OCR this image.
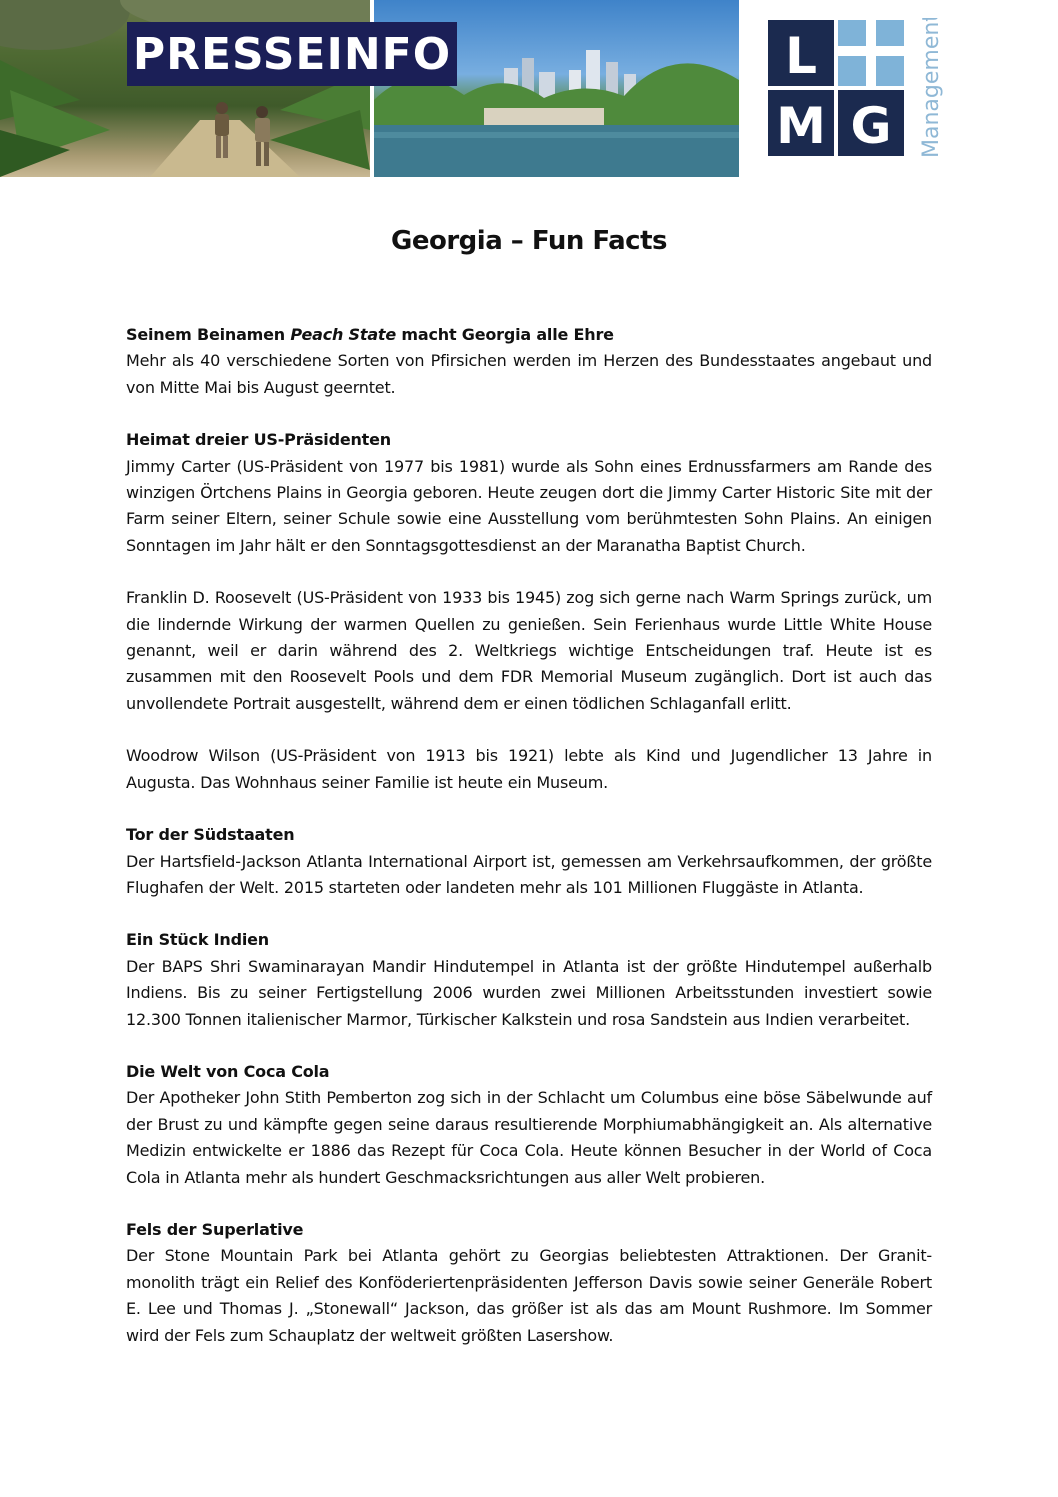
PRESSEINFO	L
M G Management
Georgia – Fun Facts
Seinem Beinamen Peach State macht Georgia alle Ehre
Mehr als 40 verschiedene Sorten von Pfirsichen werden im Herzen des Bundesstaates angebaut und von Mitte Mai bis August geerntet.
Heimat dreier US-Präsidenten
Jimmy Carter (US-Präsident von 1977 bis 1981) wurde als Sohn eines Erdnussfarmers am Rande des winzigen Örtchens Plains in Georgia geboren. Heute zeugen dort die Jimmy Carter Historic Site mit der Farm seiner Eltern, seiner Schule sowie eine Ausstellung vom berühmtesten Sohn Plains. An einigen Sonntagen im Jahr hält er den Sonntagsgottesdienst an der Maranatha Baptist Church.
Franklin D. Roosevelt (US-Präsident von 1933 bis 1945) zog sich gerne nach Warm Springs zurück, um die lindernde Wirkung der warmen Quellen zu genießen. Sein Ferienhaus wurde Little White House genannt, weil er darin während des 2. Weltkriegs wichtige Entscheidungen traf. Heute ist es zusammen mit den Roosevelt Pools und dem FDR Memorial Museum zugänglich. Dort ist auch das unvollendete Portrait ausgestellt, während dem er einen tödlichen Schlaganfall erlitt.
Woodrow Wilson (US-Präsident von 1913 bis 1921) lebte als Kind und Jugendlicher 13 Jahre in Augusta. Das Wohnhaus seiner Familie ist heute ein Museum.
Tor der Südstaaten
Der Hartsfield-Jackson Atlanta International Airport ist, gemessen am Verkehrsaufkommen, der größte Flughafen der Welt. 2015 starteten oder landeten mehr als 101 Millionen Fluggäste in Atlanta.
Ein Stück Indien
Der BAPS Shri Swaminarayan Mandir Hindutempel in Atlanta ist der größte Hindutempel außerhalb Indiens. Bis zu seiner Fertigstellung 2006 wurden zwei Millionen Arbeitsstunden investiert sowie 12.300 Tonnen italienischer Marmor, Türkischer Kalkstein und rosa Sandstein aus Indien verarbeitet.
Die Welt von Coca Cola
Der Apotheker John Stith Pemberton zog sich in der Schlacht um Columbus eine böse Säbelwunde auf der Brust zu und kämpfte gegen seine daraus resultierende Morphiumabhängigkeit an. Als alternative Medizin entwickelte er 1886 das Rezept für Coca Cola. Heute können Besucher in der World of Coca Cola in Atlanta mehr als hundert Geschmacksrichtungen aus aller Welt probieren.
Fels der Superlative
Der Stone Mountain Park bei Atlanta gehört zu Georgias beliebtesten Attraktionen. Der Granit-monolith trägt ein Relief des Konföderiertenpräsidenten Jefferson Davis sowie seiner Generäle Robert E. Lee und Thomas J. „Stonewall“ Jackson, das größer ist als das am Mount Rushmore. Im Sommer wird der Fels zum Schauplatz der weltweit größten Lasershow.
